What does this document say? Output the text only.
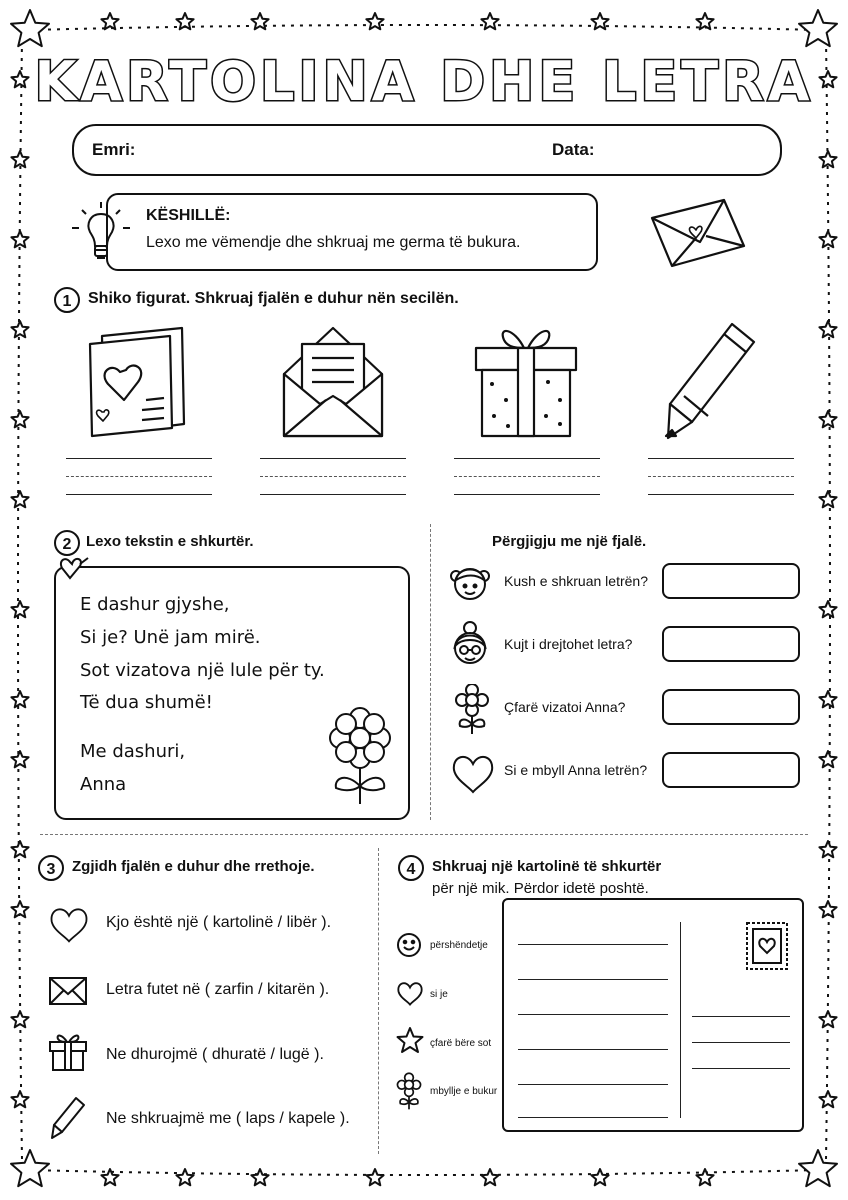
KARTOLINA DHE LETRA
Emri:	Data:
KËSHILLË:
Lexo me vëmendje dhe shkruaj me germa të bukura.
1	Shiko figurat. Shkruaj fjalën e duhur nën secilën.
2 Lexo tekstin e shkurtër.
E dashur gjyshe,
Si je? Unë jam mirë.
Sot vizatova një lule për ty.
Të dua shumë!
Me dashuri,
Anna
Përgjigju me një fjalë.
Kush e shkruan letrën?
Kujt i drejtohet letra?
Çfarë vizatoi Anna?
Si e mbyll Anna letrën?
3	Zgjidh fjalën e duhur dhe rrethoje.
Kjo është një ( kartolinë / libër ).
Letra futet në ( zarfin / kitarën ).
Ne dhurojmë ( dhuratë / lugë ).
Ne shkruajmë me ( laps / kapele ).
4	Shkruaj një kartolinë të shkurtër
për një mik. Përdor idetë poshtë.
përshëndetje
si je
çfarë bëre sot
mbyllje e bukur
